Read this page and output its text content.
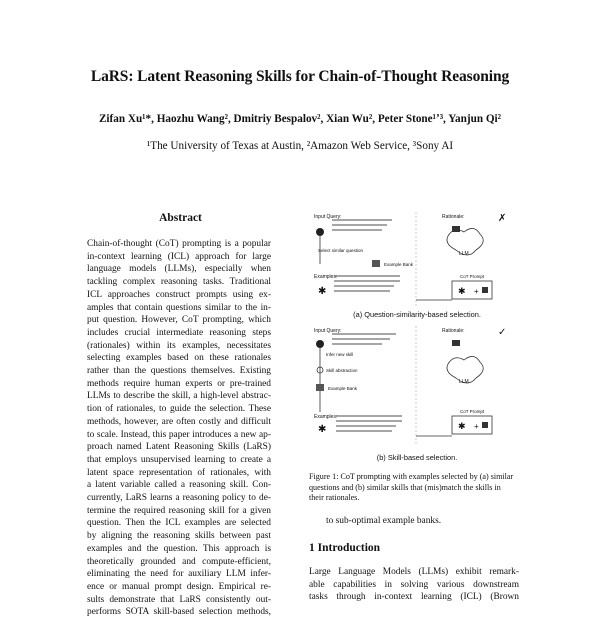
LaRS: Latent Reasoning Skills for Chain-of-Thought Reasoning
Zifan Xu¹*, Haozhu Wang², Dmitriy Bespalov², Xian Wu², Peter Stone¹ʼ³, Yanjun Qi²
¹The University of Texas at Austin, ²Amazon Web Service, ³Sony AI
Abstract
Chain-of-thought (CoT) prompting is a popular
in-context learning (ICL) approach for large
language models (LLMs), especially when
tackling complex reasoning tasks. Traditional
ICL approaches construct prompts using ex-
amples that contain questions similar to the in-
put question. However, CoT prompting, which
includes crucial intermediate reasoning steps
(rationales) within its examples, necessitates
selecting examples based on these rationales
rather than the questions themselves. Existing
methods require human experts or pre-trained
LLMs to describe the skill, a high-level abstrac-
tion of rationales, to guide the selection. These
methods, however, are often costly and difficult
to scale. Instead, this paper introduces a new ap-
proach named Latent Reasoning Skills (LaRS)
that employs unsupervised learning to create a
latent space representation of rationales, with
a latent variable called a reasoning skill. Con-
currently, LaRS learns a reasoning policy to de-
termine the required reasoning skill for a given
question. Then the ICL examples are selected
by aligning the reasoning skills between past
examples and the question. This approach is
theoretically grounded and compute-efficient,
eliminating the need for auxiliary LLM infer-
ence or manual prompt design. Empirical re-
sults demonstrate that LaRS consistently out-
performs SOTA skill-based selection methods,
Input Query:
Select similar question
Example Bank
Examples:
✱
Rationale:	✗
LLM
CoT Prompt
✱ +
(a) Question-similarity-based selection.
Input Query:
Infer new skill
Skill abstraction
Example Bank
Examples:
✱
Rationale:	✓
LLM
CoT Prompt
✱ +
(b) Skill-based selection.
Figure 1: CoT prompting with examples selected by (a) similar
questions and (b) similar skills that (mis)match the skills in
their rationales.
to sub-optimal example banks.
1 Introduction
Large Language Models (LLMs) exhibit remark-
able capabilities in solving various downstream
tasks through in-context learning (ICL) (Brown
